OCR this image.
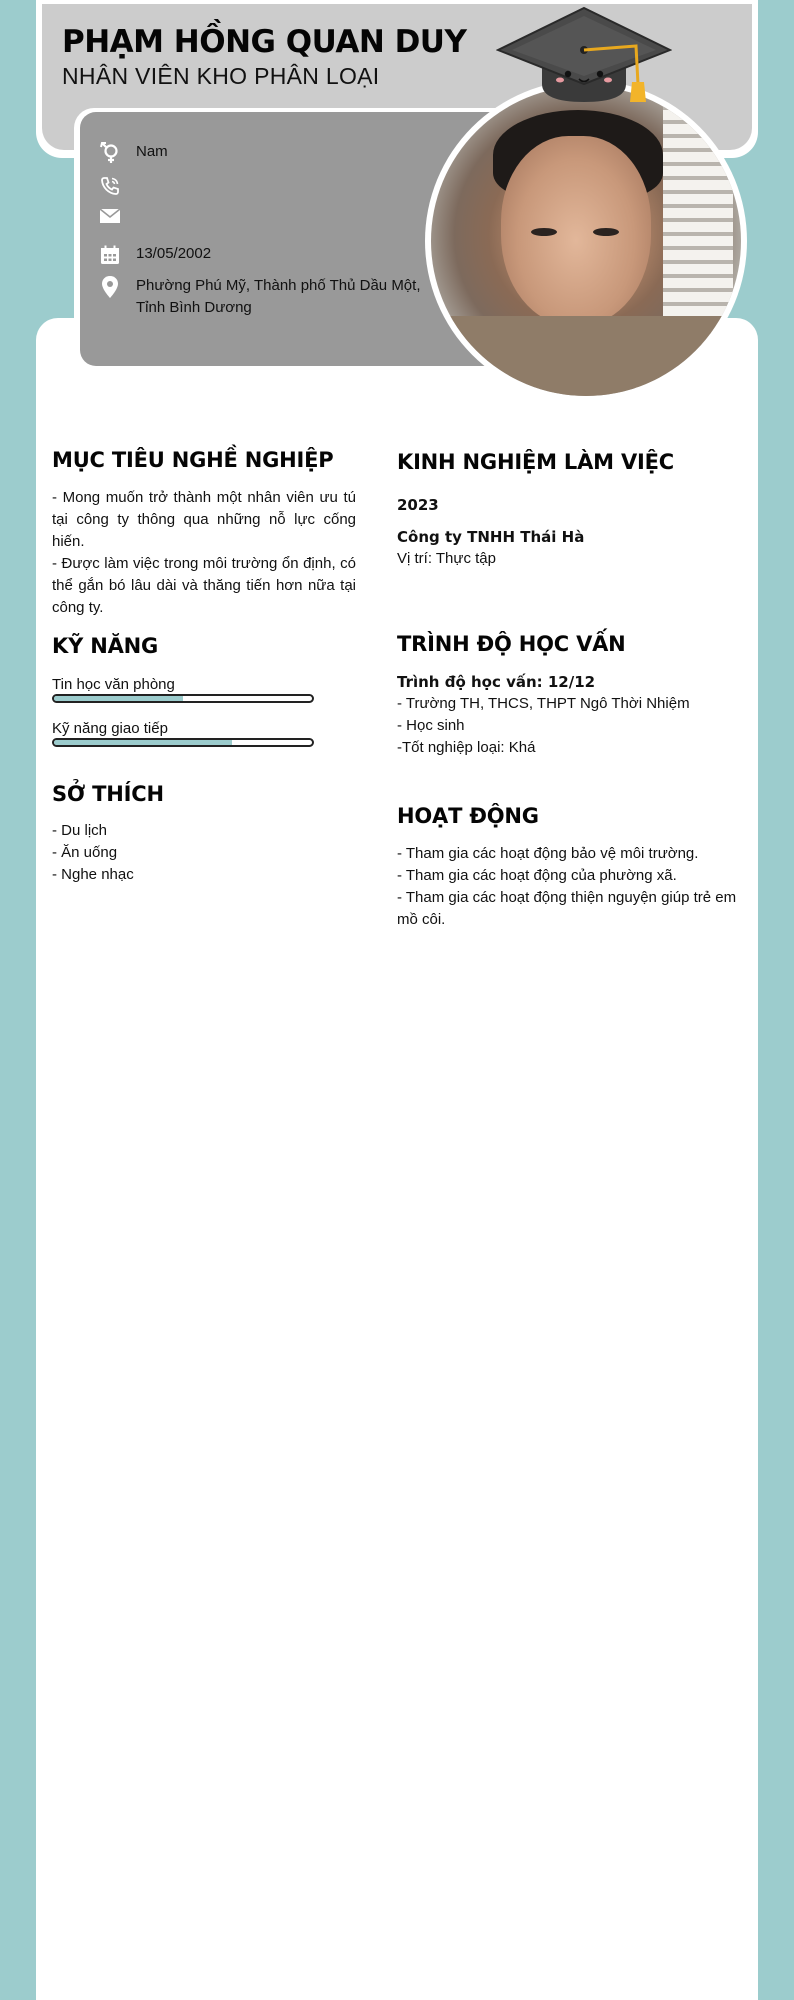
PHẠM HỒNG QUAN DUY
NHÂN VIÊN KHO PHÂN LOẠI
Nam
13/05/2002
Phường Phú Mỹ, Thành phố Thủ Dầu Một, Tỉnh Bình Dương
MỤC TIÊU NGHỀ NGHIỆP
- Mong muốn trở thành một nhân viên ưu tú tại công ty thông qua những nỗ lực cống hiến.
- Được làm việc trong môi trường ổn định, có thể gắn bó lâu dài và thăng tiến hơn nữa tại công ty.
KỸ NĂNG
Tin học văn phòng
Kỹ năng giao tiếp
SỞ THÍCH
- Du lịch
- Ăn uống
- Nghe nhạc
KINH NGHIỆM LÀM VIỆC
2023
Công ty TNHH Thái Hà
Vị trí: Thực tập
TRÌNH ĐỘ HỌC VẤN
Trình độ học vấn: 12/12
- Trường TH, THCS, THPT Ngô Thời Nhiệm
- Học sinh
-Tốt nghiệp loại: Khá
HOẠT ĐỘNG
- Tham gia các hoạt động bảo vệ môi trường.
- Tham gia các hoạt động của phường xã.
- Tham gia các hoạt động thiện nguyện giúp trẻ em mồ côi.
